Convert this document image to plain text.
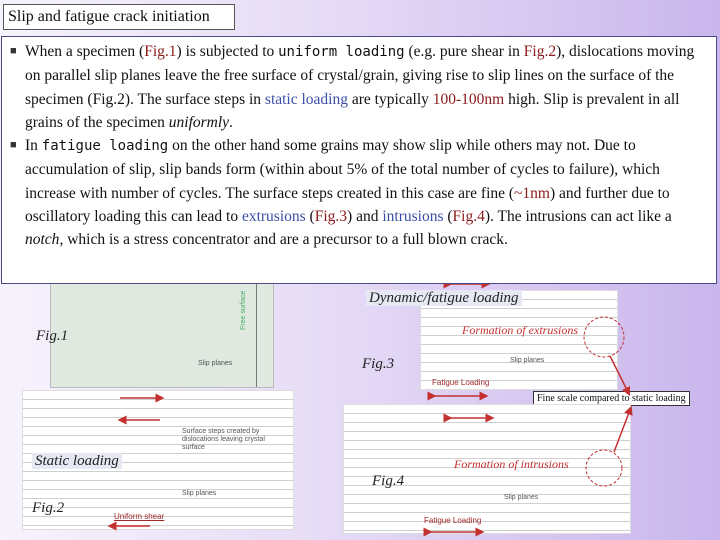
Slip and fatigue crack initiation
Free surface
Slip planes
Fig.1
Dynamic/fatigue loading
Formation of extrusions
Slip planes
Fatigue Loading
Fig.3
Fine scale compared to static loading
Surface steps created by dislocations leaving crystal surface
Static loading
Slip planes
Uniform shear
Fig.2
Formation of intrusions
Slip planes
Fatigue Loading
Fig.4

■ When a specimen (Fig.1) is subjected to uniform loading (e.g. pure shear in Fig.2), dislocations moving on parallel slip planes leave the free surface of crystal/grain, giving rise to slip lines on the surface of the specimen (Fig.2). The surface steps in static loading are typically 100-100nm high. Slip is prevalent in all grains of the specimen uniformly.

■ In fatigue loading on the other hand some grains may show slip while others may not. Due to accumulation of slip, slip bands form (within about 5% of the total number of cycles to failure), which increase with number of cycles. The surface steps created in this case are fine (~1nm) and further due to oscillatory loading this can lead to extrusions (Fig.3) and intrusions (Fig.4). The intrusions can act like a notch, which is a stress concentrator and are a precursor to a full blown crack.
